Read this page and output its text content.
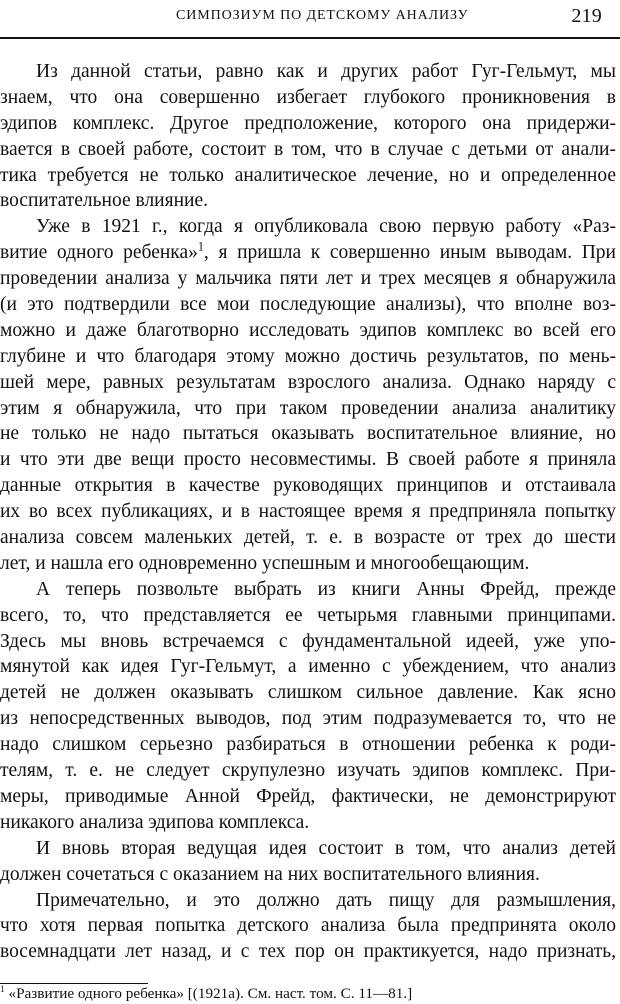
СИМПОЗИУМ ПО ДЕТСКОМУ АНАЛИЗУ	219
Из данной статьи, равно как и других работ Гуг-Гельмут, мы
знаем, что она совершенно избегает глубокого проникновения в
эдипов комплекс. Другое предположение, которого она придержи-
вается в своей работе, состоит в том, что в случае с детьми от анали-
тика требуется не только аналитическое лечение, но и определенное
воспитательное влияние.
Уже в 1921 г., когда я опубликовала свою первую работу «Раз-
витие одного ребенка»$^1$, я пришла к совершенно иным выводам. При
проведении анализа у мальчика пяти лет и трех месяцев я обнаружила
(и это подтвердили все мои последующие анализы), что вполне воз-
можно и даже благотворно исследовать эдипов комплекс во всей его
глубине и что благодаря этому можно достичь результатов, по мень-
шей мере, равных результатам взрослого анализа. Однако наряду с
этим я обнаружила, что при таком проведении анализа аналитику
не только не надо пытаться оказывать воспитательное влияние, но
и что эти две вещи просто несовместимы. В своей работе я приняла
данные открытия в качестве руководящих принципов и отстаивала
их во всех публикациях, и в настоящее время я предприняла попытку
анализа совсем маленьких детей, т. е. в возрасте от трех до шести
лет, и нашла его одновременно успешным и многообещающим.
А теперь позвольте выбрать из книги Анны Фрейд, прежде
всего, то, что представляется ее четырьмя главными принципами.
Здесь мы вновь встречаемся с фундаментальной идеей, уже упо-
мянутой как идея Гуг-Гельмут, а именно с убеждением, что анализ
детей не должен оказывать слишком сильное давление. Как ясно
из непосредственных выводов, под этим подразумевается то, что не
надо слишком серьезно разбираться в отношении ребенка к роди-
телям, т. е. не следует скрупулезно изучать эдипов комплекс. При-
меры, приводимые Анной Фрейд, фактически, не демонстрируют
никакого анализа эдипова комплекса.
И вновь вторая ведущая идея состоит в том, что анализ детей
должен сочетаться с оказанием на них воспитательного влияния.
Примечательно, и это должно дать пищу для размышления,
что хотя первая попытка детского анализа была предпринята около
восемнадцати лет назад, и с тех пор он практикуется, надо признать,
$^1$ «Развитие одного ребенка» [(1921a). См. наст. том. С. 11—81.]
